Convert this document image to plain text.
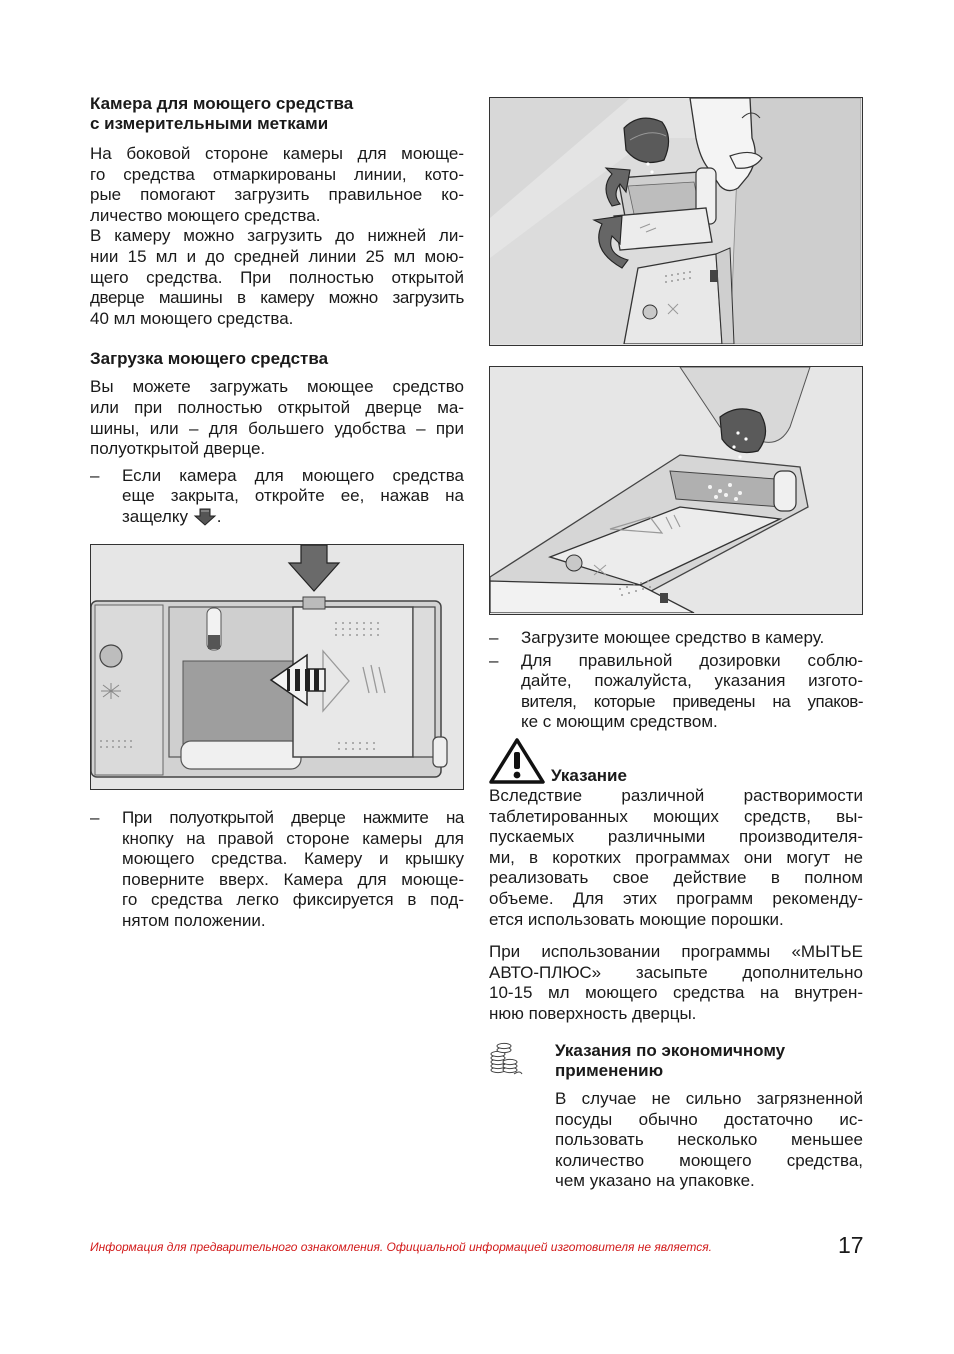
Камера для моющего средства
с измерительными метками
На боковой стороне камеры для моюще-
го средства отмаркированы линии, кото-
рые помогают загрузить правильное ко-
личество моющего средства.
В камеру можно загрузить до нижней ли-
нии 15 мл и до средней линии 25 мл мою-
щего средства. При полностью открытой
дверце машины в камеру можно загрузить
40 мл моющего средства.
Загрузка моющего средства
Вы можете загружать моющее средство
или при полностью открытой дверце ма-
шины, или – для большего удобства – при
полуоткрытой дверце.
– Если камера для моющего средства
еще закрыта, откройте ее, нажав на
защелку .
– При полуоткрытой дверце нажмите на
кнопку на правой стороне камеры для
моющего средства. Камеру и крышку
поверните вверх. Камера для моюще-
го средства легко фиксируется в под-
нятом положении.
– Загрузите моющее средство в камеру.
– Для правильной дозировки соблю-
дайте, пожалуйста, указания изгото-
вителя, которые приведены на упаков-
ке с моющим средством.
Указание
Вследствие различной растворимости
таблетированных моющих средств, вы-
пускаемых различными производителя-
ми, в коротких программах они могут не
реализовать свое действие в полном
объеме. Для этих программ рекоменду-
ется использовать моющие порошки.
При использовании программы «МЫТЬЕ
АВТО-ПЛЮС» засыпьте дополнительно
10-15 мл моющего средства на внутрен-
нюю поверхность дверцы.
Указания по экономичному
применению
В случае не сильно загрязненной
посуды обычно достаточно ис-
пользовать несколько меньшее
количество моющего средства,
чем указано на упаковке.
Информация для предварительного ознакомления. Официальной информацией изготовителя не является.	17
